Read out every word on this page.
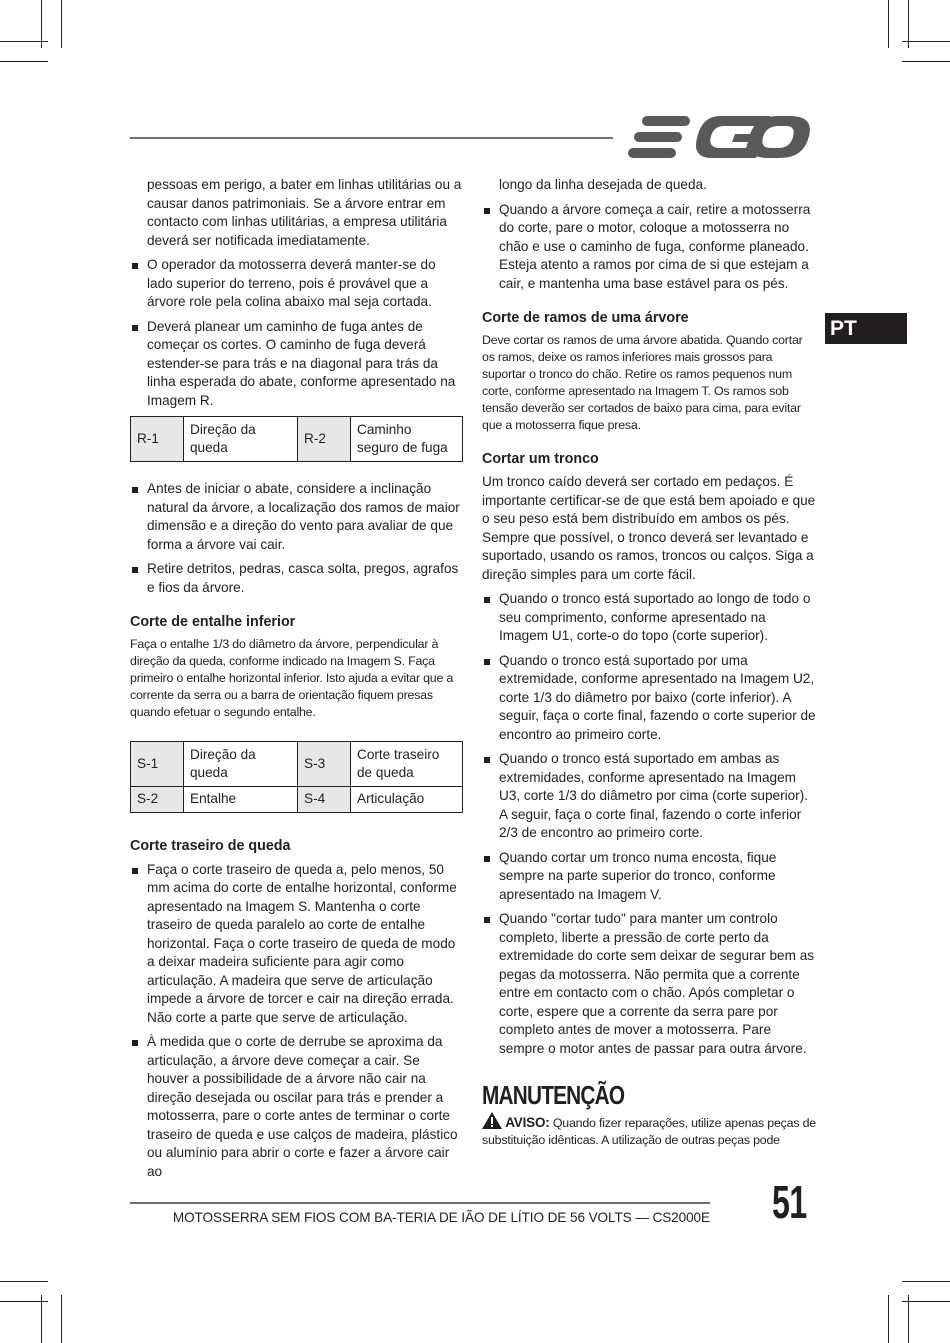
PT

pessoas em perigo, a bater em linhas utilitárias ou a causar danos patrimoniais. Se a árvore entrar em contacto com linhas utilitárias, a empresa utilitária deverá ser notificada imediatamente.

O operador da motosserra deverá manter-se do lado superior do terreno, pois é provável que a árvore role pela colina abaixo mal seja cortada.
Deverá planear um caminho de fuga antes de começar os cortes. O caminho de fuga deverá estender-se para trás e na diagonal para trás da linha esperada do abate, conforme apresentado na Imagem R.
R-1	Direção da queda	R-2	Caminho seguro de fuga
Antes de iniciar o abate, considere a inclinação natural da árvore, a localização dos ramos de maior dimensão e a direção do vento para avaliar de que forma a árvore vai cair.
Retire detritos, pedras, casca solta, pregos, agrafos e fios da árvore.
Corte de entalhe inferior

Faça o entalhe 1/3 do diâmetro da árvore, perpendicular à direção da queda, conforme indicado na Imagem S. Faça primeiro o entalhe horizontal inferior. Isto ajuda a evitar que a corrente da serra ou a barra de orientação fiquem presas quando efetuar o segundo entalhe.

S-1	Direção da queda	S-3	Corte traseiro de queda
S-2	Entalhe	S-4	Articulação
Corte traseiro de queda
Faça o corte traseiro de queda a, pelo menos, 50 mm acima do corte de entalhe horizontal, conforme apresentado na Imagem S. Mantenha o corte traseiro de queda paralelo ao corte de entalhe horizontal. Faça o corte traseiro de queda de modo a deixar madeira suficiente para agir como articulação. A madeira que serve de articulação impede a árvore de torcer e cair na direção errada. Não corte a parte que serve de articulação.
À medida que o corte de derrube se aproxima da articulação, a árvore deve começar a cair. Se houver a possibilidade de a árvore não cair na direção desejada ou oscilar para trás e prender a motosserra, pare o corte antes de terminar o corte traseiro de queda e use calços de madeira, plástico ou alumínio para abrir o corte e fazer a árvore cair ao

longo da linha desejada de queda.

Quando a árvore começa a cair, retire a motosserra do corte, pare o motor, coloque a motosserra no chão e use o caminho de fuga, conforme planeado. Esteja atento a ramos por cima de si que estejam a cair, e mantenha uma base estável para os pés.
Corte de ramos de uma árvore

Deve cortar os ramos de uma árvore abatida. Quando cortar os ramos, deixe os ramos inferiores mais grossos para suportar o tronco do chão. Retire os ramos pequenos num corte, conforme apresentado na Imagem T. Os ramos sob tensão deverão ser cortados de baixo para cima, para evitar que a motosserra fique presa.

Cortar um tronco

Um tronco caído deverá ser cortado em pedaços. É importante certificar-se de que está bem apoiado e que o seu peso está bem distribuído em ambos os pés. Sempre que possível, o tronco deverá ser levantado e suportado, usando os ramos, troncos ou calços. Siga a direção simples para um corte fácil.

Quando o tronco está suportado ao longo de todo o seu comprimento, conforme apresentado na Imagem U1, corte-o do topo (corte superior).
Quando o tronco está suportado por uma extremidade, conforme apresentado na Imagem U2, corte 1/3 do diâmetro por baixo (corte inferior). A seguir, faça o corte final, fazendo o corte superior de encontro ao primeiro corte.
Quando o tronco está suportado em ambas as extremidades, conforme apresentado na Imagem U3, corte 1/3 do diâmetro por cima (corte superior). A seguir, faça o corte final, fazendo o corte inferior 2/3 de encontro ao primeiro corte.
Quando cortar um tronco numa encosta, fique sempre na parte superior do tronco, conforme apresentado na Imagem V.
Quando "cortar tudo" para manter um controlo completo, liberte a pressão de corte perto da extremidade do corte sem deixar de segurar bem as pegas da motosserra. Não permita que a corrente entre em contacto com o chão. Após completar o corte, espere que a corrente da serra pare por completo antes de mover a motosserra. Pare sempre o motor antes de passar para outra árvore.
MANUTENÇÃO

AVISO: Quando fizer reparações, utilize apenas peças de substituição idênticas. A utilização de outras peças pode

MOTOSSERRA SEM FIOS COM BA-TERIA DE IÃO DE LÍTIO DE 56 VOLTS — CS2000E 51
